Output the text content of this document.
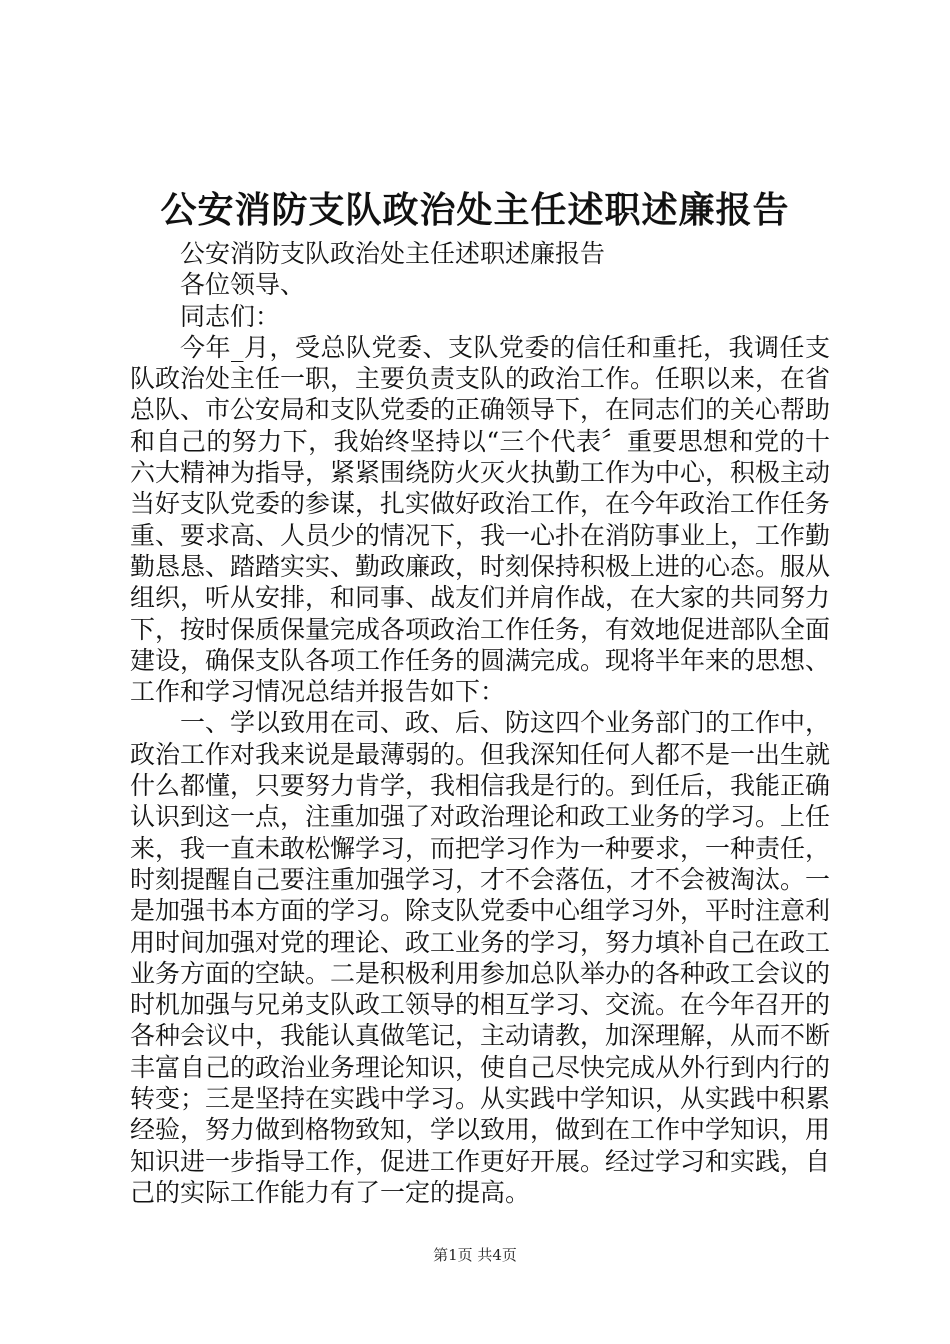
公安消防支队政治处主任述职述廉报告

公安消防支队政治处主任述职述廉报告

各位领导、

同志们：

今年_月，受总队党委、支队党委的信任和重托，我调任支队政治处主任一职，主要负责支队的政治工作。任职以来，在省总队、市公安局和支队党委的正确领导下，在同志们的关心帮助和自己的努力下，我始终坚持以“三个代表〞重要思想和党的十六大精神为指导，紧紧围绕防火灭火执勤工作为中心，积极主动当好支队党委的参谋，扎实做好政治工作，在今年政治工作任务重、要求高、人员少的情况下，我一心扑在消防事业上，工作勤勤恳恳、踏踏实实、勤政廉政，时刻保持积极上进的心态。服从组织，听从安排，和同事、战友们并肩作战，在大家的共同努力下，按时保质保量完成各项政治工作任务，有效地促进部队全面建设，确保支队各项工作任务的圆满完成。现将半年来的思想、工作和学习情况总结并报告如下：

一、学以致用在司、政、后、防这四个业务部门的工作中，政治工作对我来说是最薄弱的。但我深知任何人都不是一出生就什么都懂，只要努力肯学，我相信我是行的。到任后，我能正确认识到这一点，注重加强了对政治理论和政工业务的学习。上任来，我一直未敢松懈学习，而把学习作为一种要求，一种责任，时刻提醒自己要注重加强学习，才不会落伍，才不会被淘汰。一是加强书本方面的学习。除支队党委中心组学习外，平时注意利用时间加强对党的理论、政工业务的学习，努力填补自己在政工业务方面的空缺。二是积极利用参加总队举办的各种政工会议的时机加强与兄弟支队政工领导的相互学习、交流。在今年召开的各种会议中，我能认真做笔记，主动请教，加深理解，从而不断丰富自己的政治业务理论知识，使自己尽快完成从外行到内行的转变；三是坚持在实践中学习。从实践中学知识，从实践中积累经验，努力做到格物致知，学以致用，做到在工作中学知识，用知识进一步指导工作，促进工作更好开展。经过学习和实践，自己的实际工作能力有了一定的提高。

第1页 共4页
